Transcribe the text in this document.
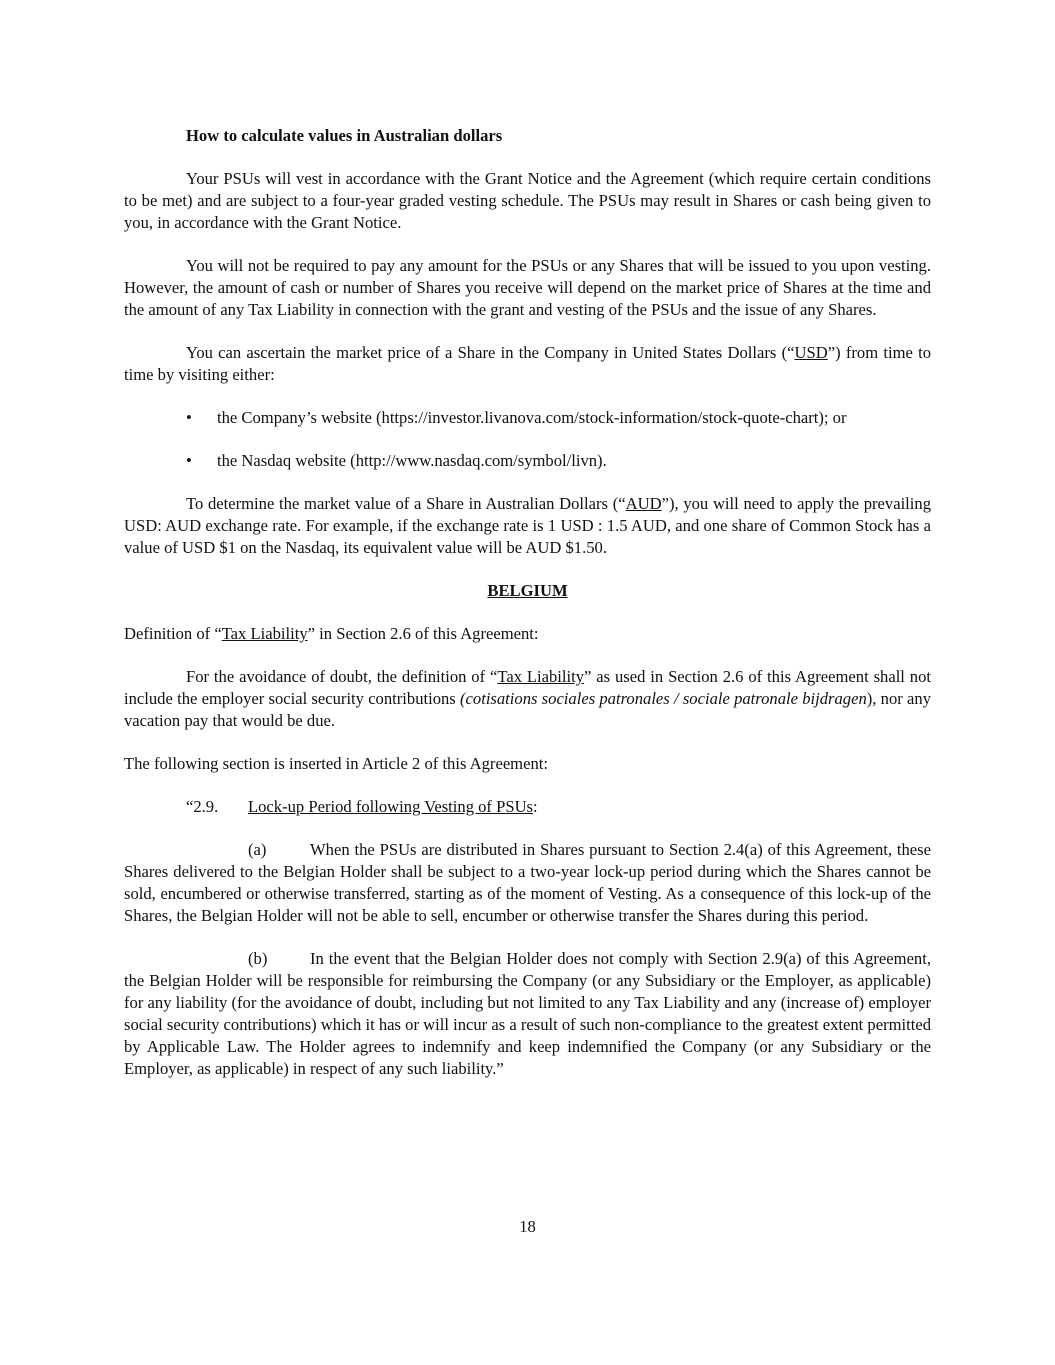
How to calculate values in Australian dollars

Your PSUs will vest in accordance with the Grant Notice and the Agreement (which require certain conditions to be met) and are subject to a four-year graded vesting schedule. The PSUs may result in Shares or cash being given to you, in accordance with the Grant Notice.

You will not be required to pay any amount for the PSUs or any Shares that will be issued to you upon vesting. However, the amount of cash or number of Shares you receive will depend on the market price of Shares at the time and the amount of any Tax Liability in connection with the grant and vesting of the PSUs and the issue of any Shares.

You can ascertain the market price of a Share in the Company in United States Dollars (“USD”) from time to time by visiting either:

• the Company’s website (https://investor.livanova.com/stock-information/stock-quote-chart); or
• the Nasdaq website (http://www.nasdaq.com/symbol/livn).

To determine the market value of a Share in Australian Dollars (“AUD”), you will need to apply the prevailing USD: AUD exchange rate. For example, if the exchange rate is 1 USD : 1.5 AUD, and one share of Common Stock has a value of USD $1 on the Nasdaq, its equivalent value will be AUD $1.50.

BELGIUM

Definition of “Tax Liability” in Section 2.6 of this Agreement:

For the avoidance of doubt, the definition of “Tax Liability” as used in Section 2.6 of this Agreement shall not include the employer social security contributions (cotisations sociales patronales / sociale patronale bijdragen), nor any vacation pay that would be due.

The following section is inserted in Article 2 of this Agreement:

“2.9. Lock-up Period following Vesting of PSUs:

(a)	When the PSUs are distributed in Shares pursuant to Section 2.4(a) of this Agreement, these Shares delivered to the Belgian Holder shall be subject to a two-year lock-up period during which the Shares cannot be sold, encumbered or otherwise transferred, starting as of the moment of Vesting. As a consequence of this lock-up of the Shares, the Belgian Holder will not be able to sell, encumber or otherwise transfer the Shares during this period.

(b)	In the event that the Belgian Holder does not comply with Section 2.9(a) of this Agreement, the Belgian Holder will be responsible for reimbursing the Company (or any Subsidiary or the Employer, as applicable) for any liability (for the avoidance of doubt, including but not limited to any Tax Liability and any (increase of) employer social security contributions) which it has or will incur as a result of such non-compliance to the greatest extent permitted by Applicable Law. The Holder agrees to indemnify and keep indemnified the Company (or any Subsidiary or the Employer, as applicable) in respect of any such liability.”

18
